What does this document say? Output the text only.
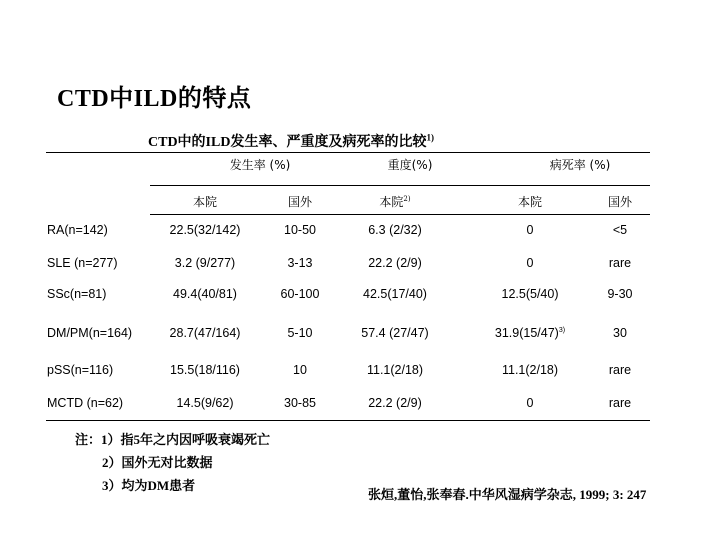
CTD中ILD的特点
CTD中的ILD发生率、严重度及病死率的比较$^{1)}$
发生率 (%)	重度(%)	病死率 (%)
本院	国外	本院$^{2)}$	本院	国外
RA(n=142)	22.5(32/142)	10-50	6.3 (2/32)	0	<5
SLE (n=277)	3.2 (9/277)	3-13	22.2 (2/9)	0	rare
SSc(n=81)	49.4(40/81)	60-100	42.5(17/40)	12.5(5/40)	9-30
DM/PM(n=164)	28.7(47/164)	5-10	57.4 (27/47)	$31.9(15/47)^{3)}$	30
pSS(n=116)	15.5(18/116)	10	11.1(2/18)	11.1(2/18)	rare
MCTD (n=62)	14.5(9/62)	30-85	22.2 (2/9)	0	rare
注：1）指5年之内因呼吸衰竭死亡
2）国外无对比数据
3）均为DM患者
张烜,董怡,张奉春.中华风湿病学杂志, 1999; 3: 247
